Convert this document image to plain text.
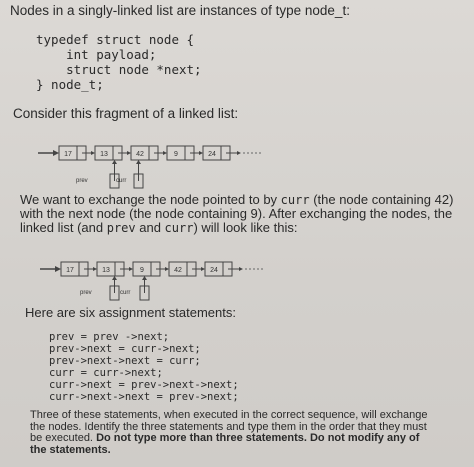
Nodes in a singly-linked list are instances of type node_t:
typedef struct node {
int payload;
struct node *next;
} node_t;
Consider this fragment of a linked list:
17	13	42	9	24
prev	curr
We want to exchange the node pointed to by curr (the node containing 42) with the next node (the node containing 9). After exchanging the nodes, the linked list (and prev and curr) will look like this:
17	13	9	42	24
prev	curr
Here are six assignment statements:
prev = prev ->next;
prev->next = curr->next;
prev->next->next = curr;
curr = curr->next;
curr->next = prev->next->next;
curr->next->next = prev->next;
Three of these statements, when executed in the correct sequence, will exchange the nodes. Identify the three statements and type them in the order that they must be executed. Do not type more than three statements. Do not modify any of the statements.
